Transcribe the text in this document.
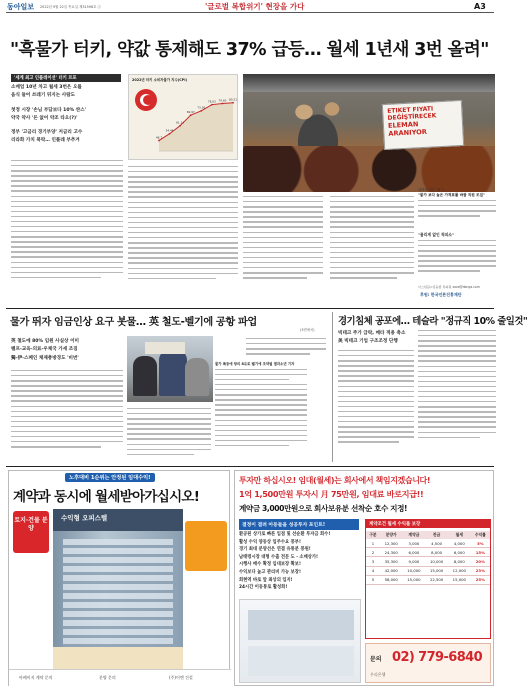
동아일보 2022년 9월 22일 목요일 제31596호 ⓐ	'글로벌 복합위기' 현장을 가다	A3
"흑물가 터키, 약값 통제해도 37% 급등… 월세 1년새 3번 올려"
'세계 최고 인플레이션' 터키 르포
소매업 10년 차고 월세 3번은 오를
음식 들어 쓰레기 뒤지는 사람도
첫정 시장 '손님 부담보다 10% 싼스'
약국 약사 '돈 없어 약조 타오(?)'
정부 '고금리 경기부양' 저금리 고수
리라화 가치 폭락… 인플레 부추겨
2022년 터키 소비자물가 지수(CPI)
48.7
54.44
61.14
69.97
73.50
78.62 79.60 80.21
ETIKET FIYATI
DEĞİŞTİRECEK
ELEMAN
ARANIYOR
남바쿠 베는 월가…
"물가 보다 높은 가격표를 바꿀 직원 모집"
"물리게 없인 적외소"
이스탄불=김윤종 특파원 zozo@donga.com
후원: 한국언론진흥재단
물가 뛰자 임금인상 요구 봇물… 英 철도-벨기에 공항 파업
(3면에서)
英 철도에 80% 임원 사실상 이미
벨프-교육-의료-우체국 가세 조짐
獨-伊-스페인 체제총방경도 '비번'
물가 폭등에 항의 8유로 벨기에 조약필 결과소년 기자
경기침체 공포에… 테슬라 "정규직 10% 줄일것"
빅테크 주가 급락, 메타 적용 축소
美 빅테크 기업 구조조정 단행
노후대비 1순위는 안정된 임대수익!
계약과 동시에 월세받아가십시오!
토지·건물 분양
수익형 오피스텔
아베이지 계약 문의	분양 문의	(주)이엔 건설
투자만 하십시오! 임대(월세)는 회사에서 책임지겠습니다!
1억 1,500만원 투자시 月 75만원, 임대료 바로지급!!
계약금 3,000만원으로 회사보유분 선착순 호수 지정!
결정이 결려 아동들을 성공투자 포인트!
환공된 상가로 빠른 입점 및 선순환 투자금 회수!
활성 수익 양동상 입주수요 풍부!
경기 최대 분양선은 연결 유통분 풍원!
남태령시장 대형 수출 전문 도 · 소매상가!
시행사 매수 확정 임대보장 확보!
수익보다 높고 관리비 가능 보장!
회현역 바로 앞 최상의 입지!
24시간 이동통로 활성화!
계약조건 월세 수익률 보장
구분	분양가	계약금	잔금	월세	수익률
1	12,300	3,000	4,500	4,000	5%
2	24,300	6,000	8,000	6,000	15%
3	35,300	9,000	10,000	8,000	20%
4	42,000	10,000	15,000	12,000	23%
5	58,000	15,000	22,500	15,000	25%
문의 02) 779-6840
우리은행
